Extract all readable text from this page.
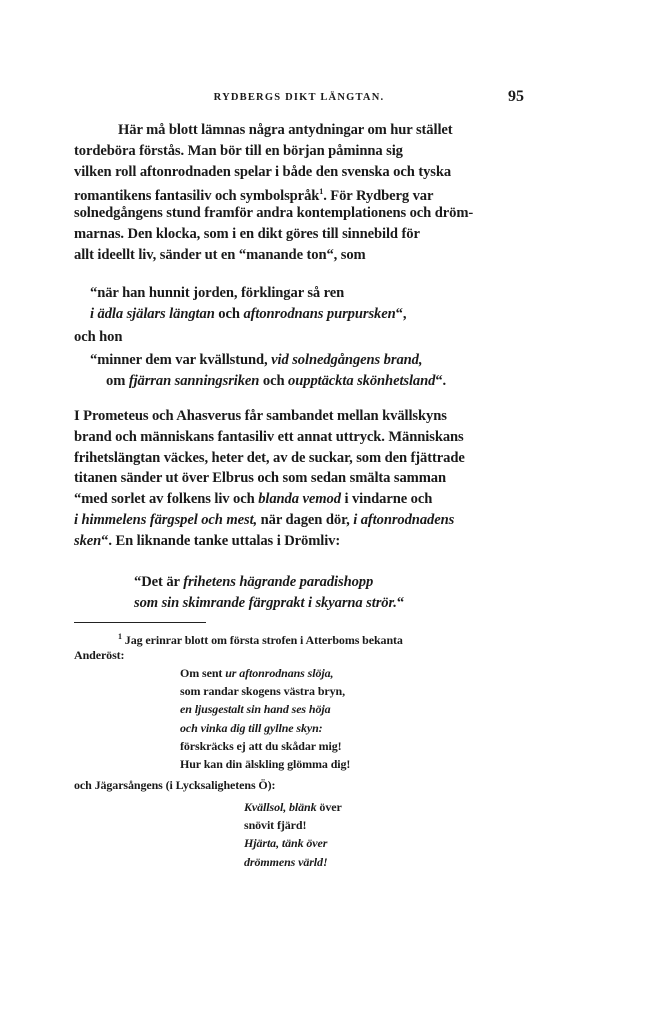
RYDBERGS DIKT LÄNGTAN.	95
Här må blott lämnas några antydningar om hur stället
tordeböra förstås. Man bör till en början påminna sig
vilken roll aftonrodnaden spelar i både den svenska och tyska
romantikens fantasiliv och symbolspråk$^1$. För Rydberg var
solnedgångens stund framför andra kontemplationens och dröm-
marnas. Den klocka, som i en dikt göres till sinnebild för
allt ideellt liv, sänder ut en “manande ton“, som
“när han hunnit jorden, förklingar så ren
i ädla själars längtan och aftonrodnans purpursken“,
och hon
“minner dem var kvällstund, vid solnedgångens brand,
om fjärran sanningsriken och oupptäckta skönhetsland“.
I Prometeus och Ahasverus får sambandet mellan kvällskyns
brand och människans fantasiliv ett annat uttryck. Människans
frihetslängtan väckes, heter det, av de suckar, som den fjättrade
titanen sänder ut över Elbrus och som sedan smälta samman
“med sorlet av folkens liv och blanda vemod i vindarne och
i himmelens färgspel och mest, när dagen dör, i aftonrodnadens
sken“. En liknande tanke uttalas i Drömliv:
“Det är frihetens hägrande paradishopp
som sin skimrande färgprakt i skyarna strör.“
$^1$ Jag erinrar blott om första strofen i Atterboms bekanta
Anderöst:
Om sent ur aftonrodnans slöja,
som randar skogens västra bryn,
en ljusgestalt sin hand ses höja
och vinka dig till gyllne skyn:
förskräcks ej att du skådar mig!
Hur kan din älskling glömma dig!
och Jägarsångens (i Lycksalighetens Ö):
Kvällsol, blänk över
snövit fjärd!
Hjärta, tänk över
drömmens värld!
